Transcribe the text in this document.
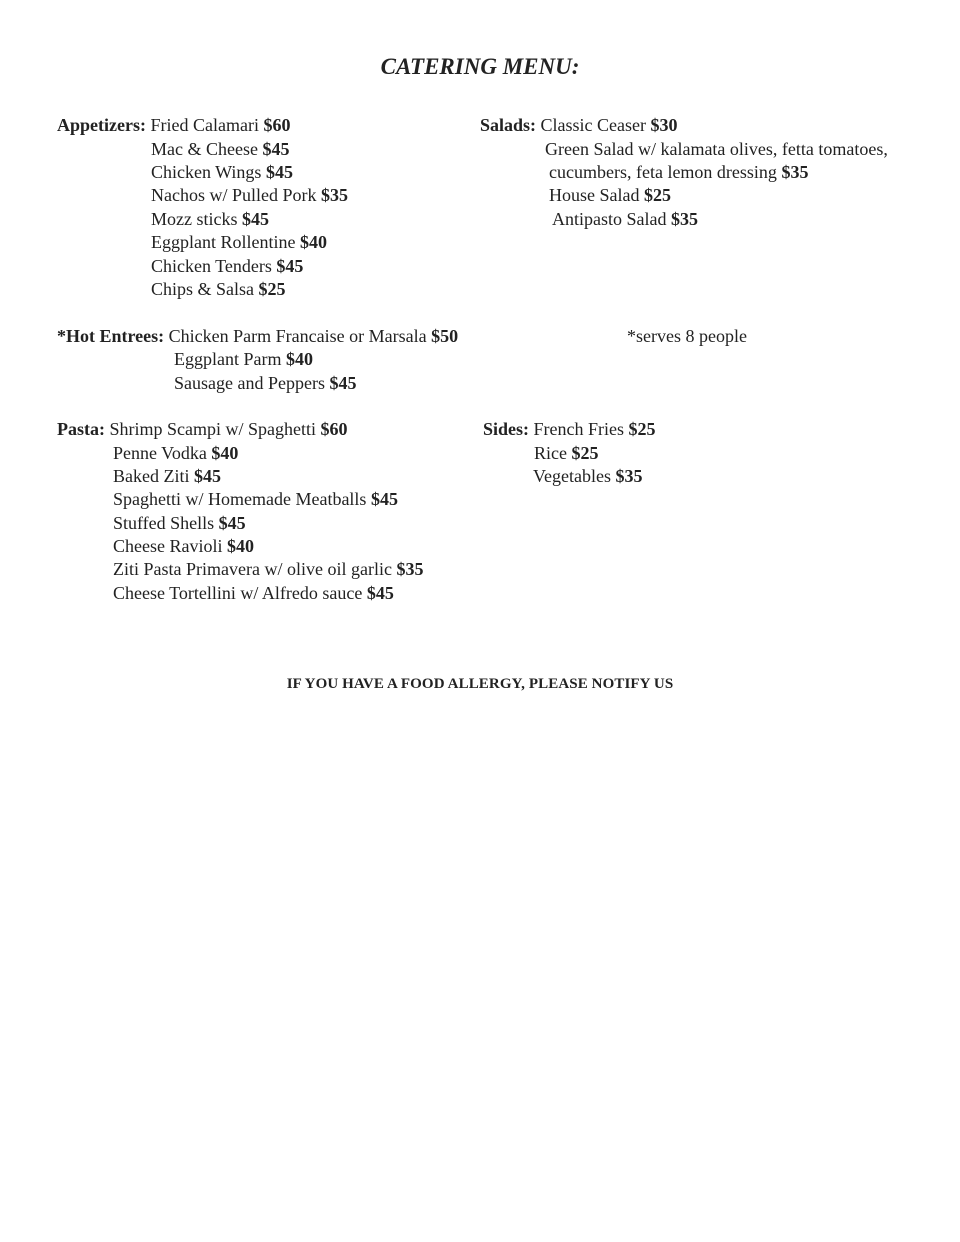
CATERING MENU:
Appetizers: Fried Calamari $60
Mac & Cheese $45
Chicken Wings $45
Nachos w/ Pulled Pork $35
Mozz sticks $45
Eggplant Rollentine $40
Chicken Tenders $45
Chips & Salsa $25
Salads: Classic Ceaser $30
Green Salad w/ kalamata olives, fetta tomatoes,
cucumbers, feta lemon dressing $35
House Salad $25
Antipasto Salad $35
*Hot Entrees: Chicken Parm Francaise or Marsala $50	*serves 8 people
Eggplant Parm $40
Sausage and Peppers $45
Pasta: Shrimp Scampi w/ Spaghetti $60
Penne Vodka $40
Baked Ziti $45
Spaghetti w/ Homemade Meatballs $45
Stuffed Shells $45
Cheese Ravioli $40
Ziti Pasta Primavera w/ olive oil garlic $35
Cheese Tortellini w/ Alfredo sauce $45
Sides: French Fries $25
Rice $25
Vegetables $35
IF YOU HAVE A FOOD ALLERGY, PLEASE NOTIFY US
